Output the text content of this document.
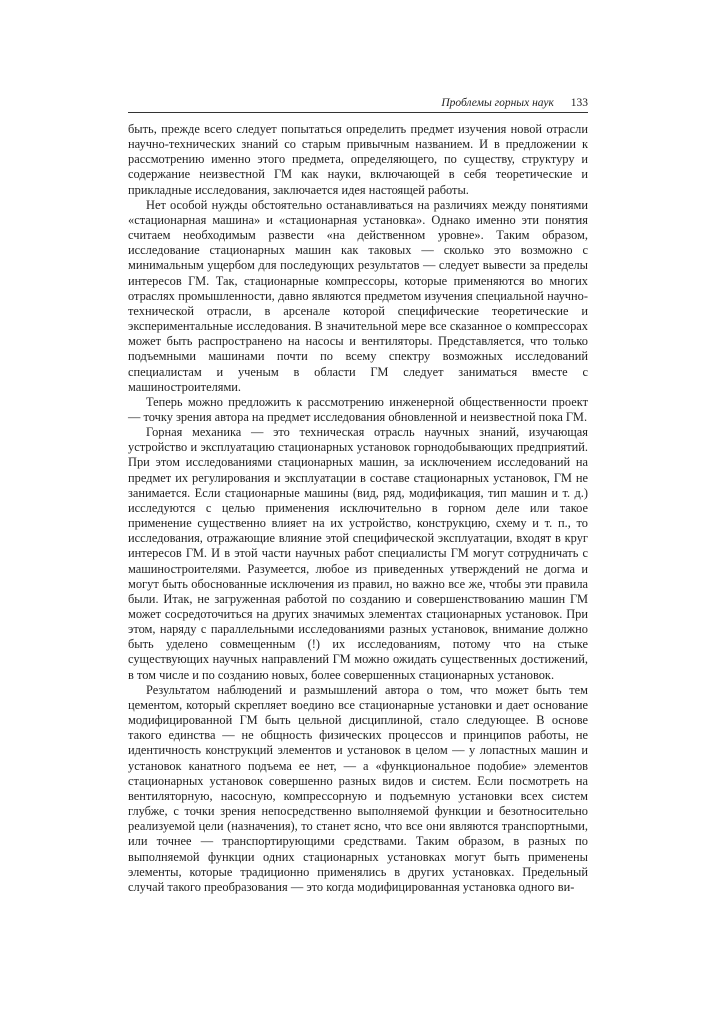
Проблемы горных наук 133

быть, прежде всего следует попытаться определить предмет изучения новой отрасли научно-технических знаний со старым привычным названием. И в предложении к рассмотрению именно этого предмета, определяющего, по существу, структуру и содержание неизвестной ГМ как науки, включающей в себя теоретические и прикладные исследования, заключается идея настоящей работы.

Нет особой нужды обстоятельно останавливаться на различиях между понятиями «стационарная машина» и «стационарная установка». Однако именно эти понятия считаем необходимым развести «на действенном уровне». Таким образом, исследование стационарных машин как таковых — сколько это возможно с минимальным ущербом для последующих результатов — следует вывести за пределы интересов ГМ. Так, стационарные компрессоры, которые применяются во многих отраслях промышленности, давно являются предметом изучения специальной научно-технической отрасли, в арсенале которой специфические теоретические и экспериментальные исследования. В значительной мере все сказанное о компрессорах может быть распространено на насосы и вентиляторы. Представляется, что только подъемными машинами почти по всему спектру возможных исследований специалистам и ученым в области ГМ следует заниматься вместе с машиностроителями.

Теперь можно предложить к рассмотрению инженерной общественности проект — точку зрения автора на предмет исследования обновленной и неизвестной пока ГМ.

Горная механика — это техническая отрасль научных знаний, изучающая устройство и эксплуатацию стационарных установок горнодобывающих предприятий. При этом исследованиями стационарных машин, за исключением исследований на предмет их регулирования и эксплуатации в составе стационарных установок, ГМ не занимается. Если стационарные машины (вид, ряд, модификация, тип машин и т. д.) исследуются с целью применения исключительно в горном деле или такое применение существенно влияет на их устройство, конструкцию, схему и т. п., то исследования, отражающие влияние этой специфической эксплуатации, входят в круг интересов ГМ. И в этой части научных работ специалисты ГМ могут сотрудничать с машиностроителями. Разумеется, любое из приведенных утверждений не догма и могут быть обоснованные исключения из правил, но важно все же, чтобы эти правила были. Итак, не загруженная работой по созданию и совершенствованию машин ГМ может сосредоточиться на других значимых элементах стационарных установок. При этом, наряду с параллельными исследованиями разных установок, внимание должно быть уделено совмещенным (!) их исследованиям, потому что на стыке существующих научных направлений ГМ можно ожидать существенных достижений, в том числе и по созданию новых, более совершенных стационарных установок.

Результатом наблюдений и размышлений автора о том, что может быть тем цементом, который скрепляет воедино все стационарные установки и дает основание модифицированной ГМ быть цельной дисциплиной, стало следующее. В основе такого единства — не общность физических процессов и принципов работы, не идентичность конструкций элементов и установок в целом — у лопастных машин и установок канатного подъема ее нет, — а «функциональное подобие» элементов стационарных установок совершенно разных видов и систем. Если посмотреть на вентиляторную, насосную, компрессорную и подъемную установки всех систем глубже, с точки зрения непосредственно выполняемой функции и безотносительно реализуемой цели (назначения), то станет ясно, что все они являются транспортными, или точнее — транспортирующими средствами. Таким образом, в разных по выполняемой функции одних стационарных установках могут быть применены элементы, которые традиционно применялись в других установках. Предельный случай такого преобразования — это когда модифицированная установка одного ви-
